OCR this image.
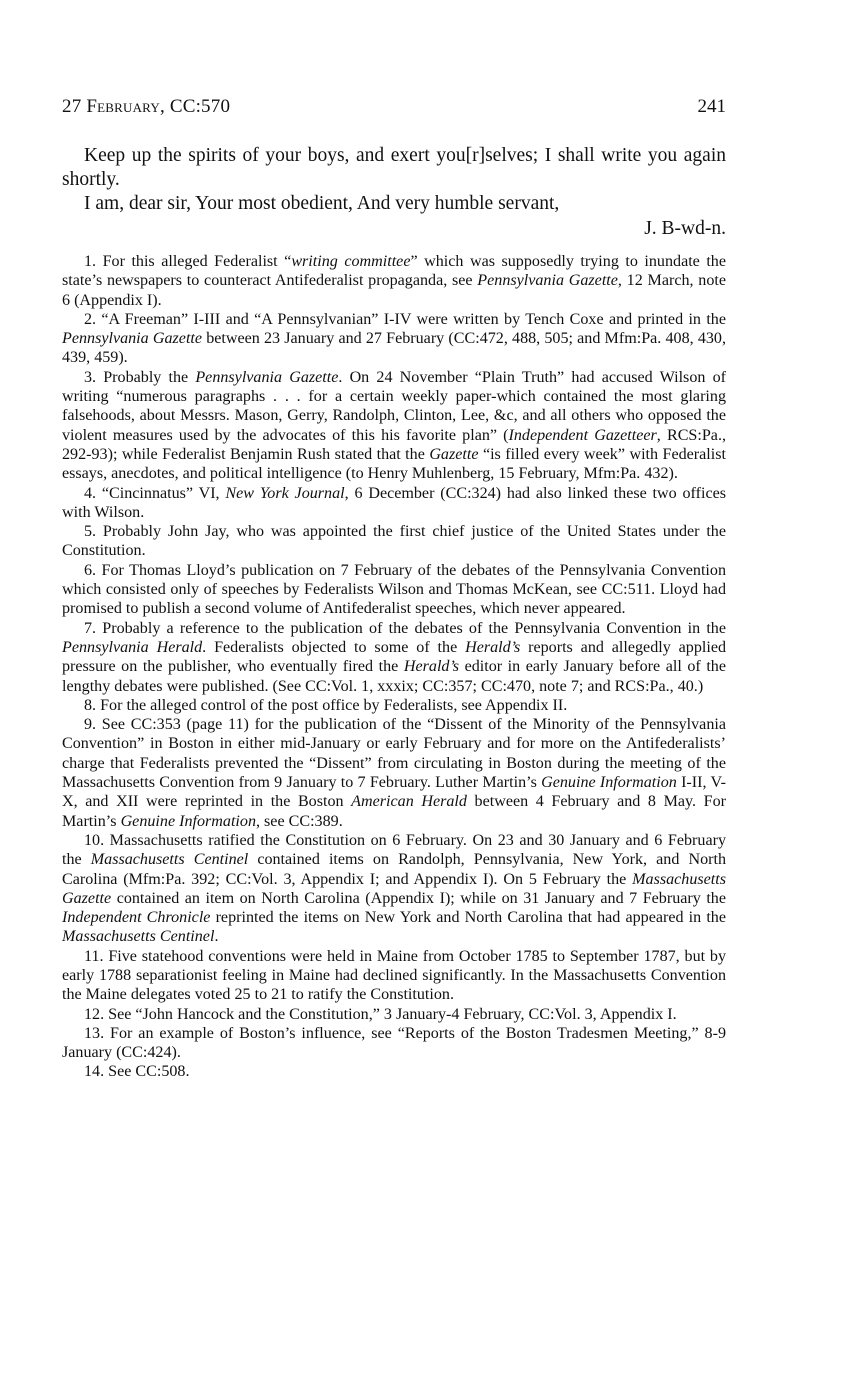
27 February, CC:570	241

Keep up the spirits of your boys, and exert you[r]selves; I shall write you again shortly.

I am, dear sir, Your most obedient, And very humble servant,

J. B-wd-n.

1. For this alleged Federalist “writing committee” which was supposedly trying to inundate the state’s newspapers to counteract Antifederalist propaganda, see Pennsylvania Gazette, 12 March, note 6 (Appendix I).

2. “A Freeman” I-III and “A Pennsylvanian” I-IV were written by Tench Coxe and printed in the Pennsylvania Gazette between 23 January and 27 February (CC:472, 488, 505; and Mfm:Pa. 408, 430, 439, 459).

3. Probably the Pennsylvania Gazette. On 24 November “Plain Truth” had accused Wilson of writing “numerous paragraphs . . . for a certain weekly paper-which contained the most glaring falsehoods, about Messrs. Mason, Gerry, Randolph, Clinton, Lee, &c, and all others who opposed the violent measures used by the advocates of this his favorite plan” (Independent Gazetteer, RCS:Pa., 292-93); while Federalist Benjamin Rush stated that the Gazette “is filled every week” with Federalist essays, anecdotes, and political intelligence (to Henry Muhlenberg, 15 February, Mfm:Pa. 432).

4. “Cincinnatus” VI, New York Journal, 6 December (CC:324) had also linked these two offices with Wilson.

5. Probably John Jay, who was appointed the first chief justice of the United States under the Constitution.

6. For Thomas Lloyd’s publication on 7 February of the debates of the Pennsylvania Convention which consisted only of speeches by Federalists Wilson and Thomas McKean, see CC:511. Lloyd had promised to publish a second volume of Antifederalist speeches, which never appeared.

7. Probably a reference to the publication of the debates of the Pennsylvania Convention in the Pennsylvania Herald. Federalists objected to some of the Herald’s reports and allegedly applied pressure on the publisher, who eventually fired the Herald’s editor in early January before all of the lengthy debates were published. (See CC:Vol. 1, xxxix; CC:357; CC:470, note 7; and RCS:Pa., 40.)

8. For the alleged control of the post office by Federalists, see Appendix II.

9. See CC:353 (page 11) for the publication of the “Dissent of the Minority of the Pennsylvania Convention” in Boston in either mid-January or early February and for more on the Antifederalists’ charge that Federalists prevented the “Dissent” from circulating in Boston during the meeting of the Massachusetts Convention from 9 January to 7 February. Luther Martin’s Genuine Information I-II, V-X, and XII were reprinted in the Boston American Herald between 4 February and 8 May. For Martin’s Genuine Information, see CC:389.

10. Massachusetts ratified the Constitution on 6 February. On 23 and 30 January and 6 February the Massachusetts Centinel contained items on Randolph, Pennsylvania, New York, and North Carolina (Mfm:Pa. 392; CC:Vol. 3, Appendix I; and Appendix I). On 5 February the Massachusetts Gazette contained an item on North Carolina (Appendix I); while on 31 January and 7 February the Independent Chronicle reprinted the items on New York and North Carolina that had appeared in the Massachusetts Centinel.

11. Five statehood conventions were held in Maine from October 1785 to September 1787, but by early 1788 separationist feeling in Maine had declined significantly. In the Massachusetts Convention the Maine delegates voted 25 to 21 to ratify the Constitution.

12. See “John Hancock and the Constitution,” 3 January-4 February, CC:Vol. 3, Appendix I.

13. For an example of Boston’s influence, see “Reports of the Boston Tradesmen Meeting,” 8-9 January (CC:424).

14. See CC:508.
